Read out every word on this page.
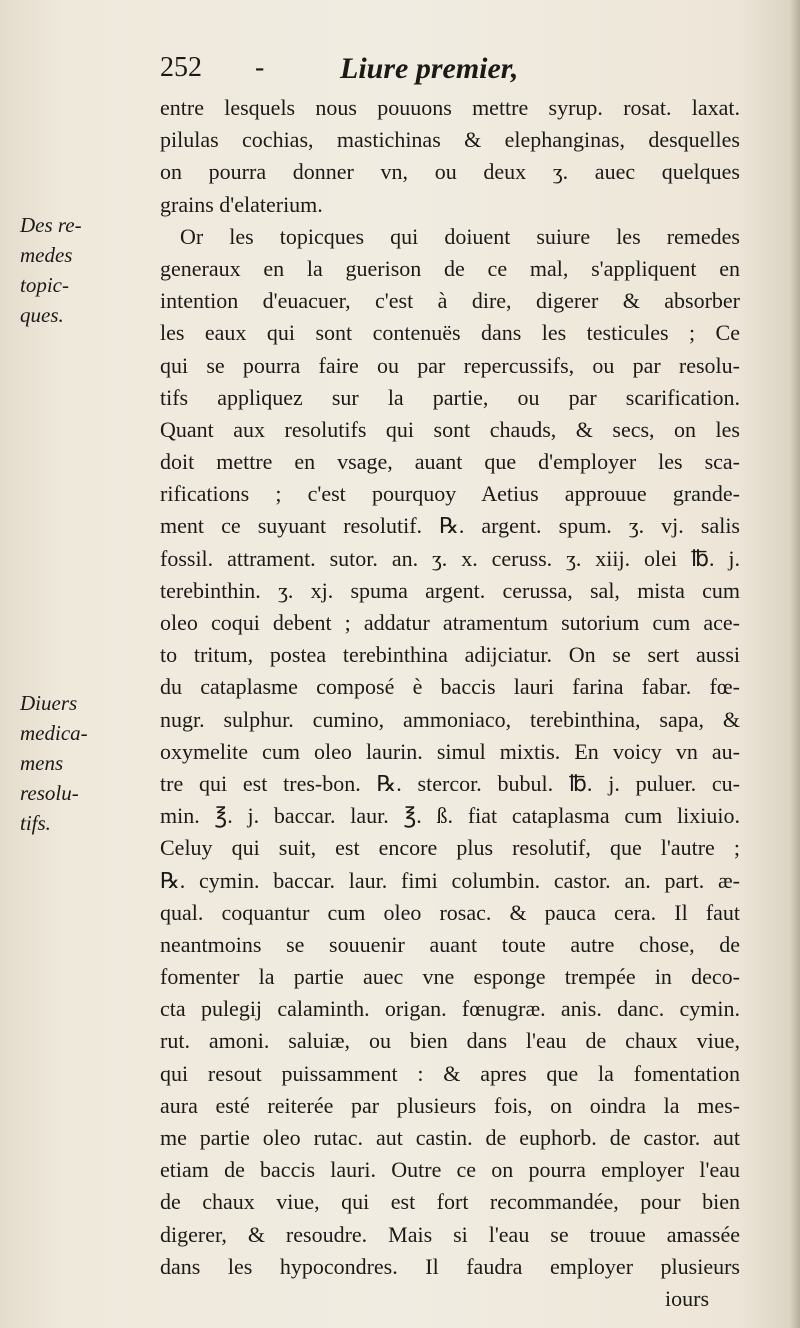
252 -	Liure premier,
Des re-
medes
topic-
ques.
Diuers
medica-
mens
resolu-
tifs.
entre lesquels nous pouuons mettre syrup. rosat. laxat.
pilulas cochias, mastichinas & elephanginas, desquelles
on pourra donner vn, ou deux ʒ. auec quelques
grains d'elaterium.
Or les topicques qui doiuent suiure les remedes
generaux en la guerison de ce mal, s'appliquent en
intention d'euacuer, c'est à dire, digerer & absorber
les eaux qui sont contenuës dans les testicules ; Ce
qui se pourra faire ou par repercussifs, ou par resolu-
tifs appliquez sur la partie, ou par scarification.
Quant aux resolutifs qui sont chauds, & secs, on les
doit mettre en vsage, auant que d'employer les sca-
rifications ; c'est pourquoy Aetius approuue grande-
ment ce suyuant resolutif. ℞. argent. spum. ʒ. vj. salis
fossil. attrament. sutor. an. ʒ. x. ceruss. ʒ. xiij. olei ℔. j.
terebinthin. ʒ. xj. spuma argent. cerussa, sal, mista cum
oleo coqui debent ; addatur atramentum sutorium cum ace-
to tritum, postea terebinthina adijciatur. On se sert aussi
du cataplasme composé è baccis lauri farina fabar. fœ-
nugr. sulphur. cumino, ammoniaco, terebinthina, sapa, &
oxymelite cum oleo laurin. simul mixtis. En voicy vn au-
tre qui est tres-bon. ℞. stercor. bubul. ℔. j. puluer. cu-
min. ℥. j. baccar. laur. ℥. ß. fiat cataplasma cum lixiuio.
Celuy qui suit, est encore plus resolutif, que l'autre ;
℞. cymin. baccar. laur. fimi columbin. castor. an. part. æ-
qual. coquantur cum oleo rosac. & pauca cera. Il faut
neantmoins se souuenir auant toute autre chose, de
fomenter la partie auec vne esponge trempée in deco-
cta pulegij calaminth. origan. fœnugræ. anis. danc. cymin.
rut. amoni. saluiæ, ou bien dans l'eau de chaux viue,
qui resout puissamment : & apres que la fomentation
aura esté reiterée par plusieurs fois, on oindra la mes-
me partie oleo rutac. aut castin. de euphorb. de castor. aut
etiam de baccis lauri. Outre ce on pourra employer l'eau
de chaux viue, qui est fort recommandée, pour bien
digerer, & resoudre. Mais si l'eau se trouue amassée
dans les hypocondres. Il faudra employer plusieurs
iours
